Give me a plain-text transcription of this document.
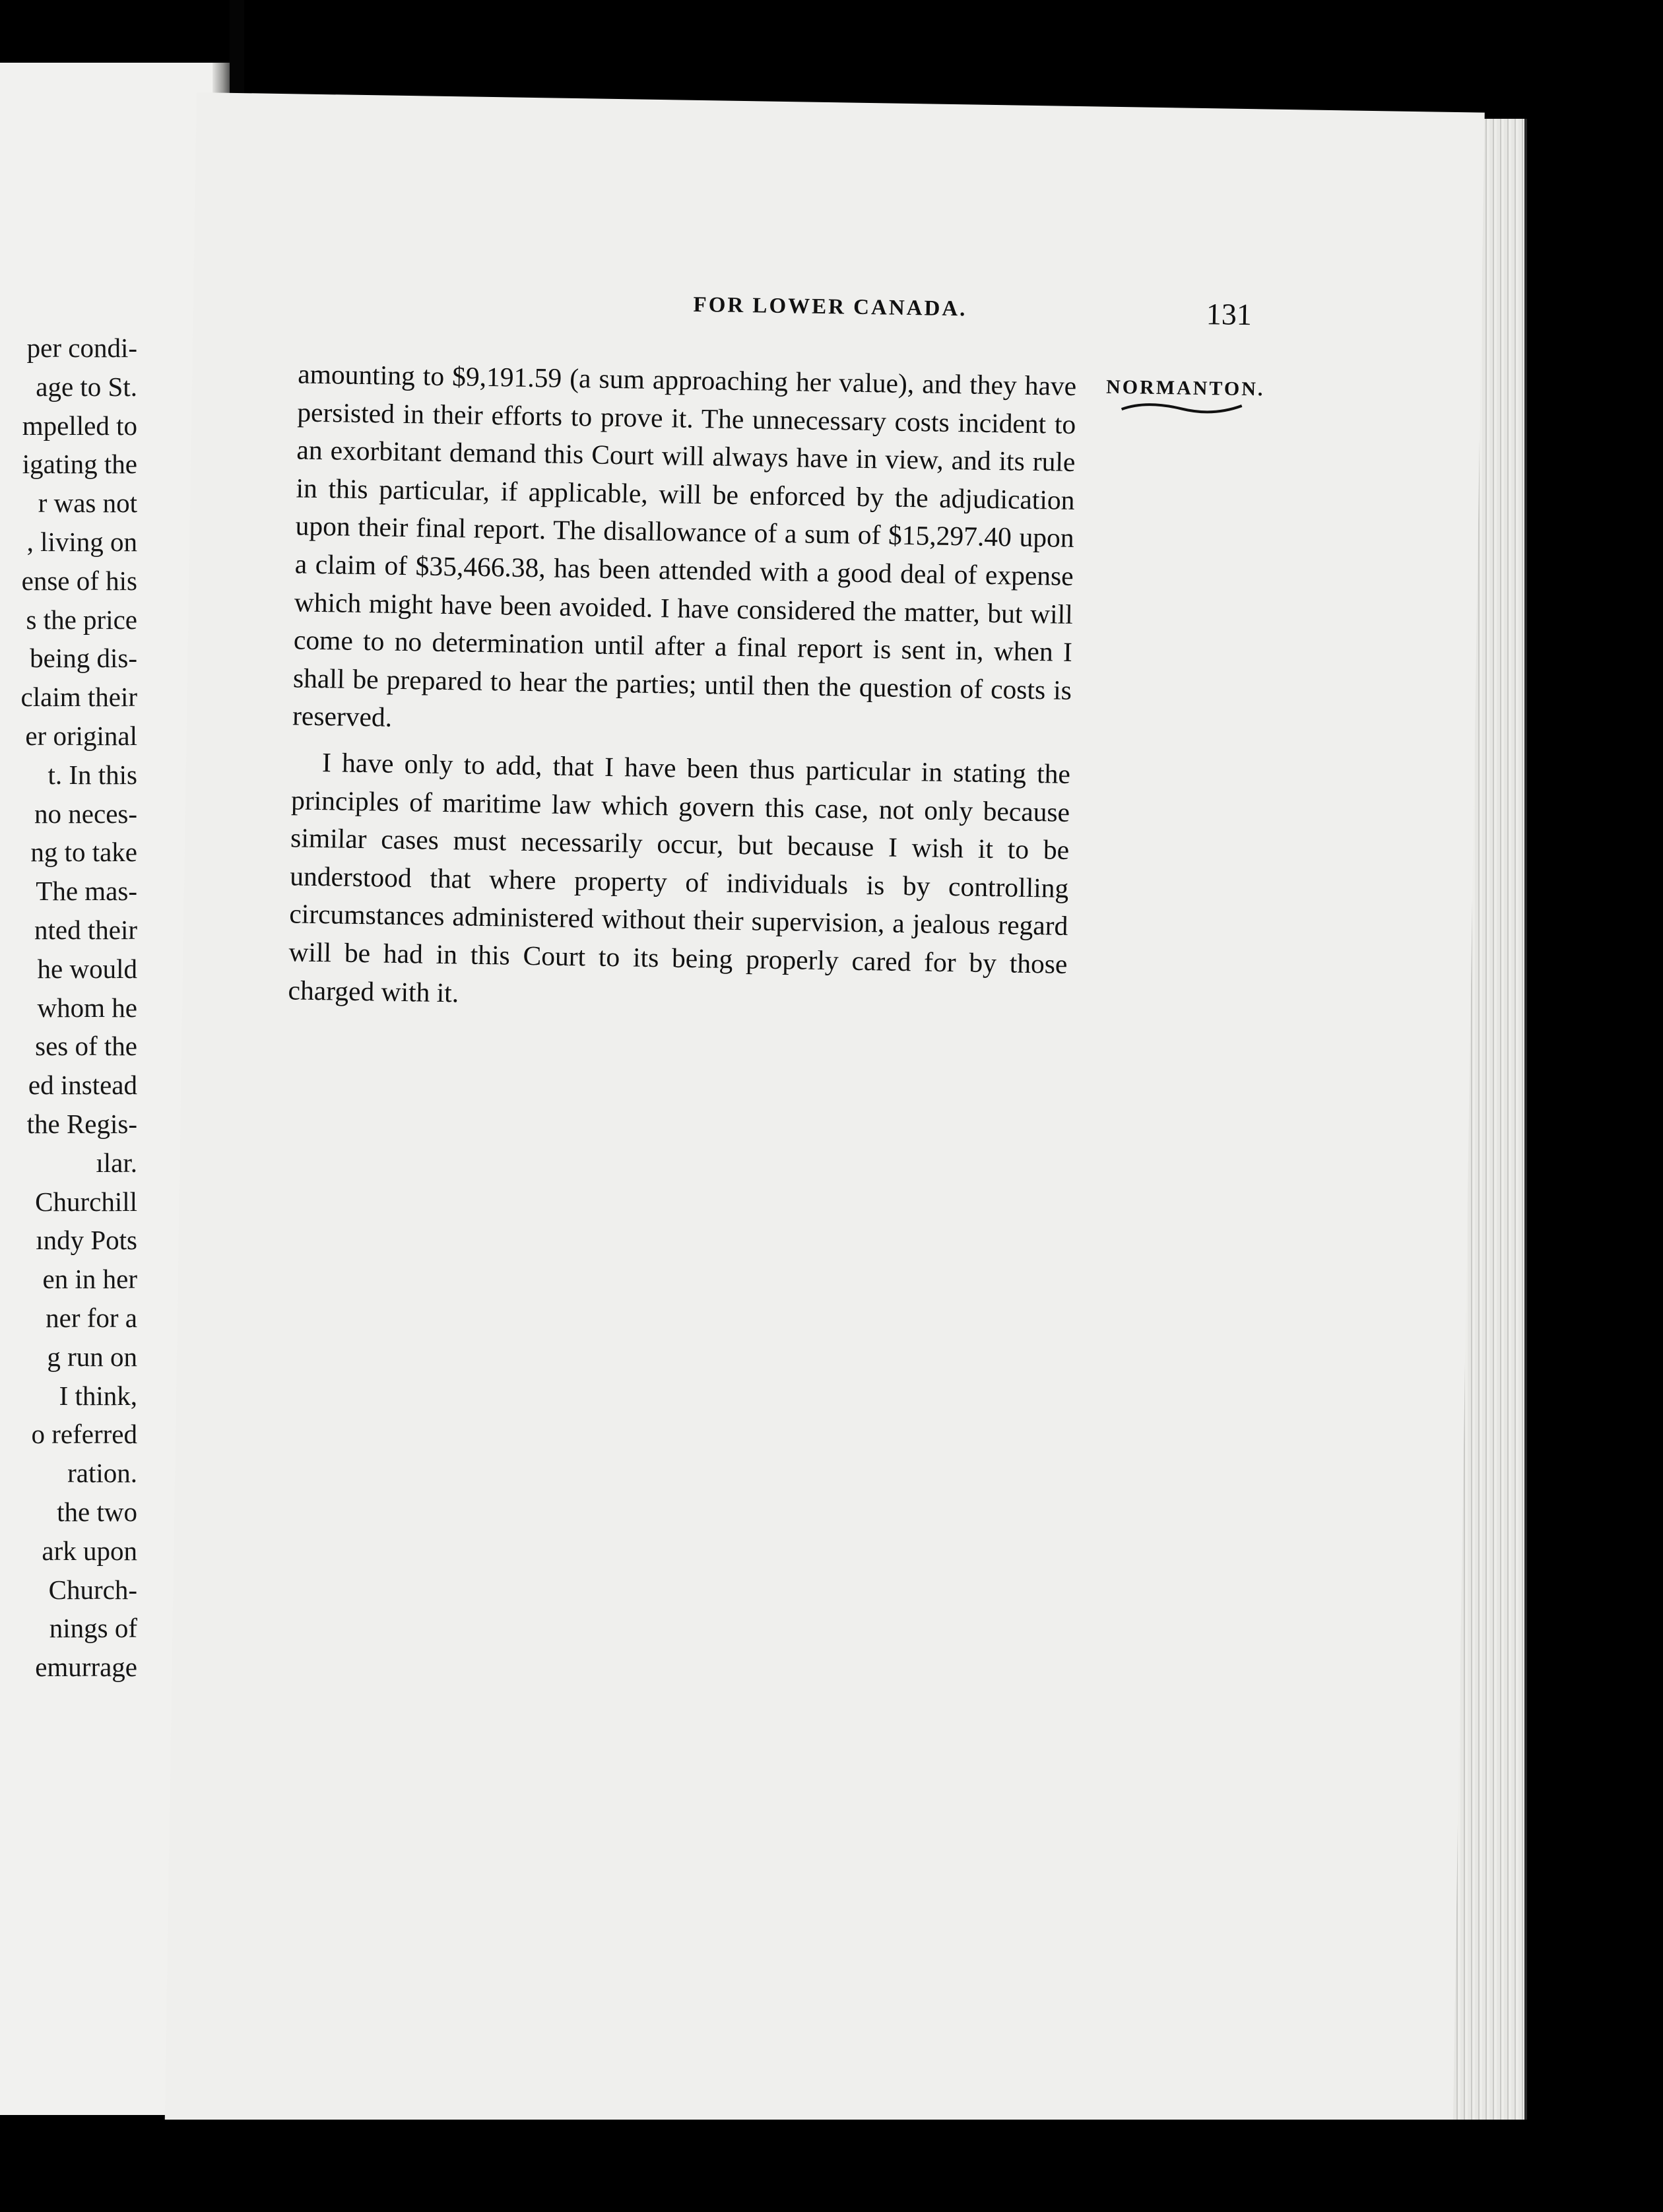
per condi-
age to St.
mpelled to
igating the
r was not
, living on
ense of his
s the price
being dis-
claim their
er original
t. In this
no neces-
ng to take
The mas-
nted their
he would
whom he
ses of the
ed instead
the Regis-
ılar.
Churchill
ındy Pots
en in her
ner for a
g run on
I think,
o referred
ration.
the two
ark upon
Church-
nings of
emurrage
FOR LOWER CANADA.	131
NORMANTON.

amounting to $9,191.59 (a sum approaching her value), and they have persisted in their efforts to prove it. The unnecessary costs incident to an exorbitant demand this Court will always have in view, and its rule in this particular, if applicable, will be enforced by the adjudication upon their final report. The disallowance of a sum of $15,297.40 upon a claim of $35,466.38, has been attended with a good deal of expense which might have been avoided. I have considered the matter, but will come to no determination until after a final report is sent in, when I shall be prepared to hear the parties; until then the question of costs is reserved.

I have only to add, that I have been thus particular in stating the principles of maritime law which govern this case, not only because similar cases must necessarily occur, but because I wish it to be understood that where property of individuals is by controlling circumstances administered without their supervision, a jealous regard will be had in this Court to its being properly cared for by those charged with it.
